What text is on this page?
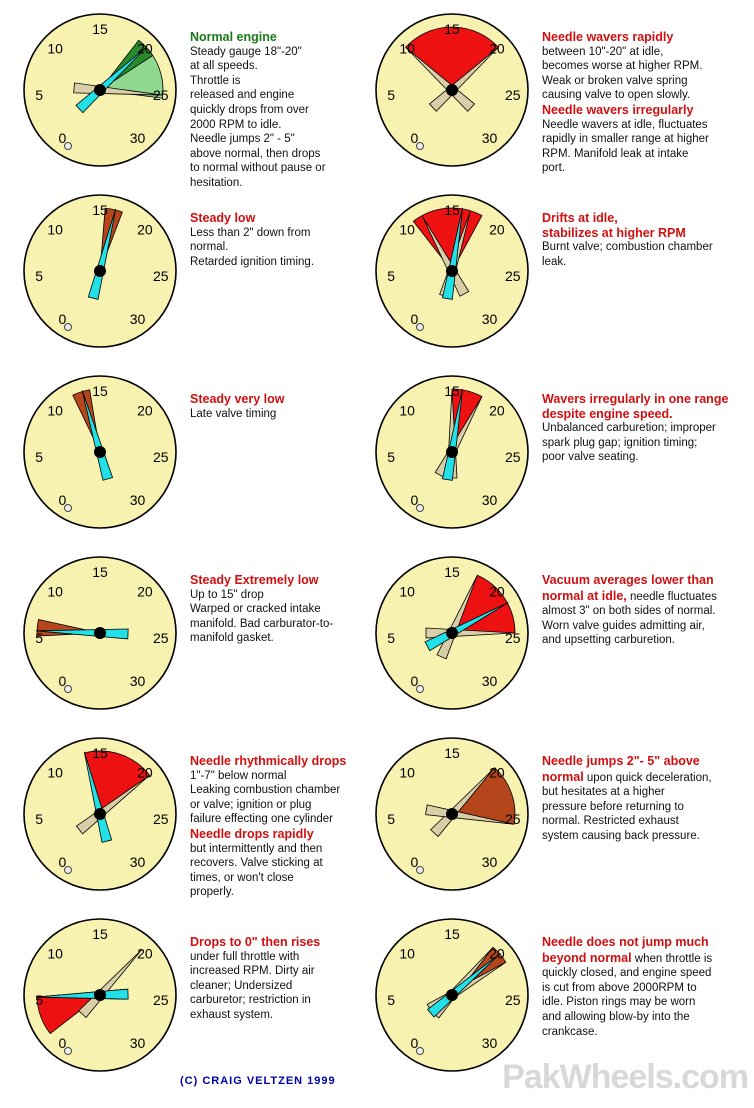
0
5
10
15
20
25
30
Normal engine
Steady gauge 18"-20"
at all speeds.
Throttle is
released and engine
quickly drops from over
2000 RPM to idle.
Needle jumps 2" - 5"
above normal, then drops
to normal without pause or
hesitation.
0
5
10
15
20
25
30
Needle wavers rapidly
between 10"-20" at idle,
becomes worse at higher RPM.
Weak or broken valve spring
causing valve to open slowly.
Needle wavers irregularly
Needle wavers at idle, fluctuates
rapidly in smaller range at higher
RPM. Manifold leak at intake
port.
0
5
10
15
20
25
30
Steady low
Less than 2" down from
normal.
Retarded ignition timing.
0
5
10
15
20
25
30
Drifts at idle,
stabilizes at higher RPM
Burnt valve; combustion chamber
leak.
0
5
10
15
20
25
30
Steady very low
Late valve timing
0
5
10
15
20
25
30
Wavers irregularly in one range
despite engine speed.
Unbalanced carburetion; improper
spark plug gap; ignition timing;
poor valve seating.
0
5
10
15
20
25
30
Steady Extremely low
Up to 15" drop
Warped or cracked intake
manifold. Bad carburator-to-
manifold gasket.
0
5
10
15
20
25
30
Vacuum averages lower than
normal at idle, needle fluctuates
almost 3" on both sides of normal.
Worn valve guides admitting air,
and upsetting carburetion.
0
5
10
15
20
25
30
Needle rhythmically drops
1"-7" below normal
Leaking combustion chamber
or valve; ignition or plug
failure effecting one cylinder
Needle drops rapidly
but intermittently and then
recovers. Valve sticking at
times, or won't close
properly.
0
5
10
15
20
25
30
Needle jumps 2"- 5" above
normal upon quick deceleration,
but hesitates at a higher
pressure before returning to
normal. Restricted exhaust
system causing back pressure.
0
5
10
15
20
25
30
Drops to 0" then rises
under full throttle with
increased RPM. Dirty air
cleaner; Undersized
carburetor; restriction in
exhaust system.
0
5
10
15
20
25
30
Needle does not jump much
beyond normal when throttle is
quickly closed, and engine speed
is cut from above 2000RPM to
idle. Piston rings may be worn
and allowing blow-by into the
crankcase.
(C) CRAIG VELTZEN 1999	PakWheels.com
